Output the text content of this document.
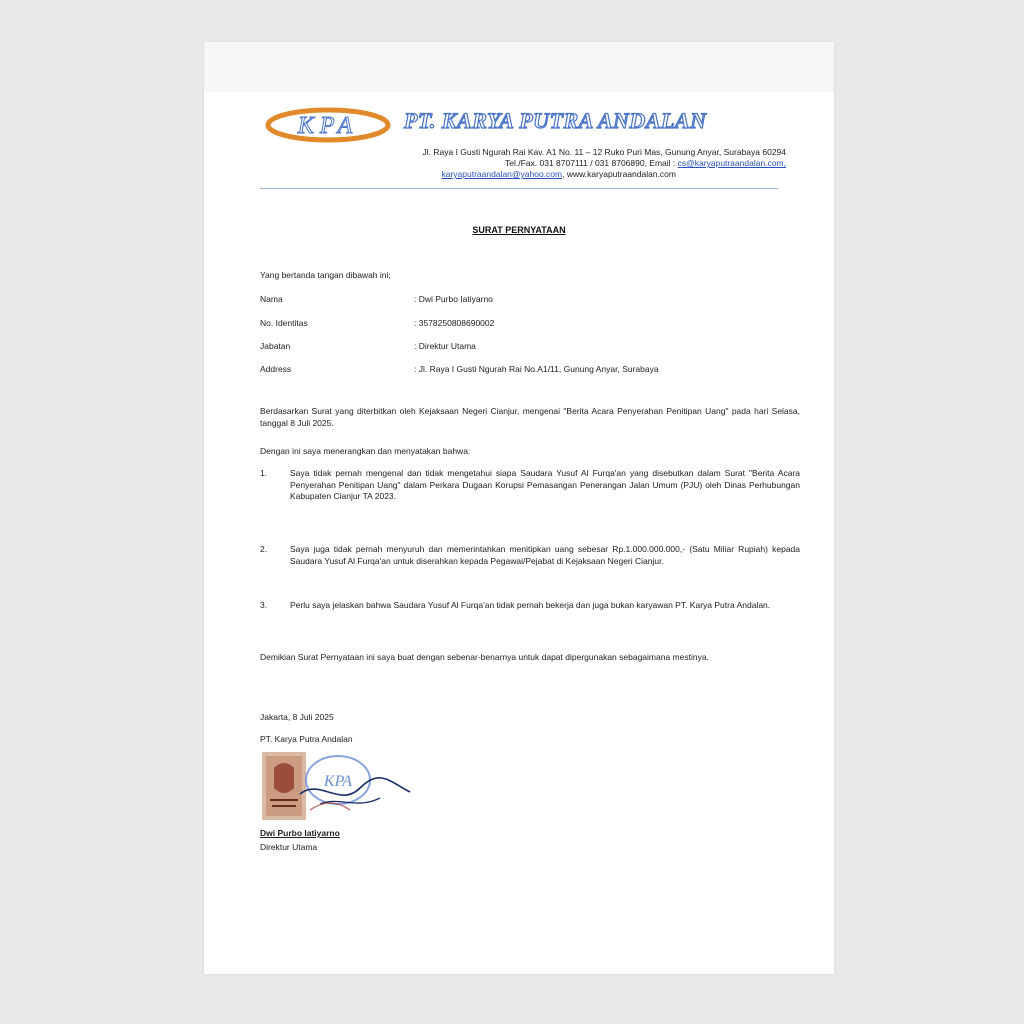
KPA PT. KARYA PUTRA ANDALAN
Jl. Raya I Gusti Ngurah Rai Kav. A1 No. 11 – 12 Ruko Puri Mas, Gunung Anyar, Surabaya 60294
Tel./Fax. 031 8707111 / 031 8706890, Email : cs@karyaputraandalan.com,
karyaputraandalan@yahoo.com, www.karyaputraandalan.com
SURAT PERNYATAAN
Yang bertanda tangan dibawah ini;
Nama	: Dwi Purbo Iatiyarno
No. Identitas	: 3578250808690002
Jabatan	: Direktur Utama
Address	: Jl. Raya I Gusti Ngurah Rai No.A1/11, Gunung Anyar, Surabaya
Berdasarkan Surat yang diterbitkan oleh Kejaksaan Negeri Cianjur, mengenai "Berita Acara Penyerahan Penitipan Uang" pada hari Selasa, tanggal 8 Juli 2025.
Dengan ini saya menerangkan dan menyatakan bahwa:
1.	Saya tidak pernah mengenal dan tidak mengetahui siapa Saudara Yusuf Al Furqa'an yang disebutkan dalam Surat "Berita Acara Penyerahan Penitipan Uang" dalam Perkara Dugaan Korupsi Pemasangan Penerangan Jalan Umum (PJU) oleh Dinas Perhubungan Kabupaten Cianjur TA 2023.
2.	Saya juga tidak pernah menyuruh dan memerintahkan menitipkan uang sebesar Rp.1.000.000.000,- (Satu Miliar Rupiah) kepada Saudara Yusuf Al Furqa'an untuk diserahkan kepada Pegawai/Pejabat di Kejaksaan Negeri Cianjur.
3.	Perlu saya jelaskan bahwa Saudara Yusuf Al Furqa'an tidak pernah bekerja dan juga bukan karyawan PT. Karya Putra Andalan.
Demikian Surat Pernyataan ini saya buat dengan sebenar-benarnya untuk dapat dipergunakan sebagaimana mestinya.
Jakarta, 8 Juli 2025
PT. Karya Putra Andalan
KPA
Dwi Purbo Iatiyarno
Direktur Utama
